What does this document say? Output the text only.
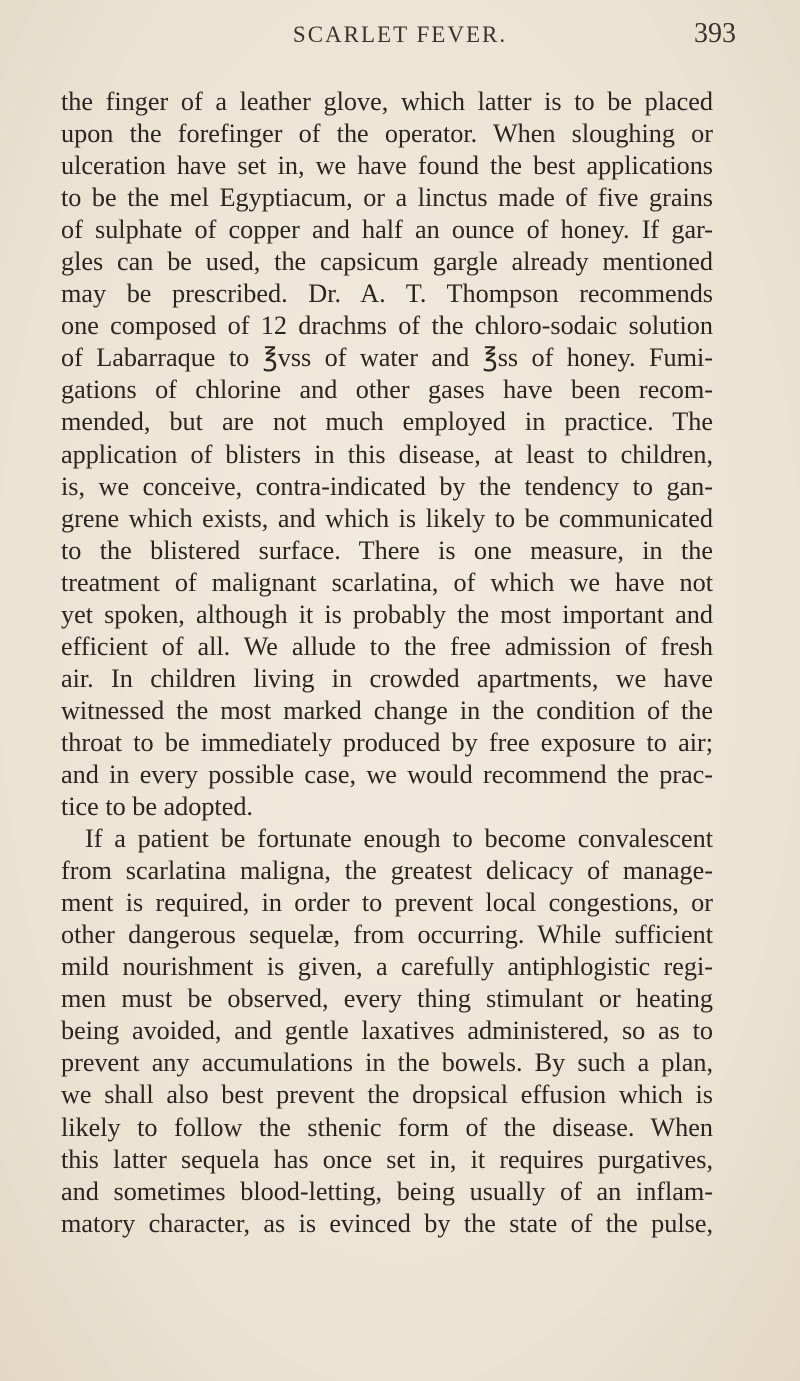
SCARLET FEVER.	393
the finger of a leather glove, which latter is to be placed
upon the forefinger of the operator. When sloughing or
ulceration have set in, we have found the best applications
to be the mel Egyptiacum, or a linctus made of five grains
of sulphate of copper and half an ounce of honey. If gar-
gles can be used, the capsicum gargle already mentioned
may be prescribed. Dr. A. T. Thompson recommends
one composed of 12 drachms of the chloro-sodaic solution
of Labarraque to ℥vss of water and ℥ss of honey. Fumi-
gations of chlorine and other gases have been recom-
mended, but are not much employed in practice. The
application of blisters in this disease, at least to children,
is, we conceive, contra-indicated by the tendency to gan-
grene which exists, and which is likely to be communicated
to the blistered surface. There is one measure, in the
treatment of malignant scarlatina, of which we have not
yet spoken, although it is probably the most important and
efficient of all. We allude to the free admission of fresh
air. In children living in crowded apartments, we have
witnessed the most marked change in the condition of the
throat to be immediately produced by free exposure to air;
and in every possible case, we would recommend the prac-
tice to be adopted.
If a patient be fortunate enough to become convalescent
from scarlatina maligna, the greatest delicacy of manage-
ment is required, in order to prevent local congestions, or
other dangerous sequelæ, from occurring. While sufficient
mild nourishment is given, a carefully antiphlogistic regi-
men must be observed, every thing stimulant or heating
being avoided, and gentle laxatives administered, so as to
prevent any accumulations in the bowels. By such a plan,
we shall also best prevent the dropsical effusion which is
likely to follow the sthenic form of the disease. When
this latter sequela has once set in, it requires purgatives,
and sometimes blood-letting, being usually of an inflam-
matory character, as is evinced by the state of the pulse,
